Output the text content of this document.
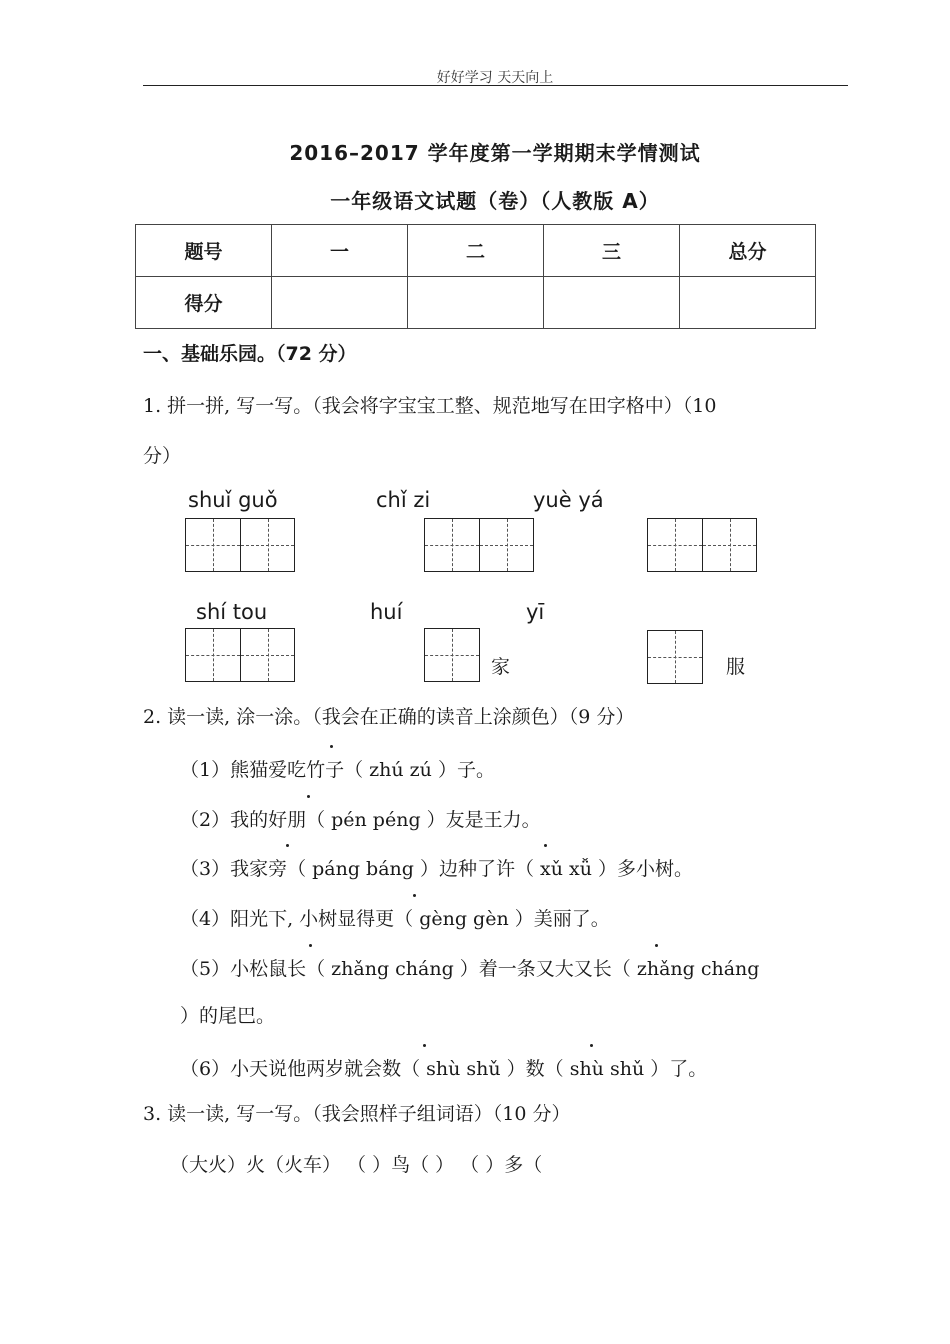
好好学习 天天向上
2016–2017 学年度第一学期期末学情测试
一年级语文试题（卷）（人教版 A）
题号	一	二	三	总分
得分				
一、基础乐园。（72 分）
1. 拼一拼, 写一写。（我会将字宝宝工整、规范地写在田字格中）（10
分）
shuǐ guǒ	chǐ zi	yuè yá
shí tou	huí	yī
家	服
2. 读一读, 涂一涂。（我会在正确的读音上涂颜色）（9 分）
（1）熊猫爱吃竹子（ zhú zú ）子。
（2）我的好朋（ pén péng ）友是王力。
（3）我家旁（ páng báng ）边种了许（ xǔ xǚ ）多小树。
（4）阳光下, 小树显得更（ gèng gèn ）美丽了。
（5）小松鼠长（ zhǎng cháng ）着一条又大又长（ zhǎng cháng
）的尾巴。
（6）小天说他两岁就会数（ shù shǔ ）数（ shù shǔ ）了。
3. 读一读, 写一写。（我会照样子组词语）（10 分）
（大火）火（火车） （ ）鸟（ ） （ ）多（
